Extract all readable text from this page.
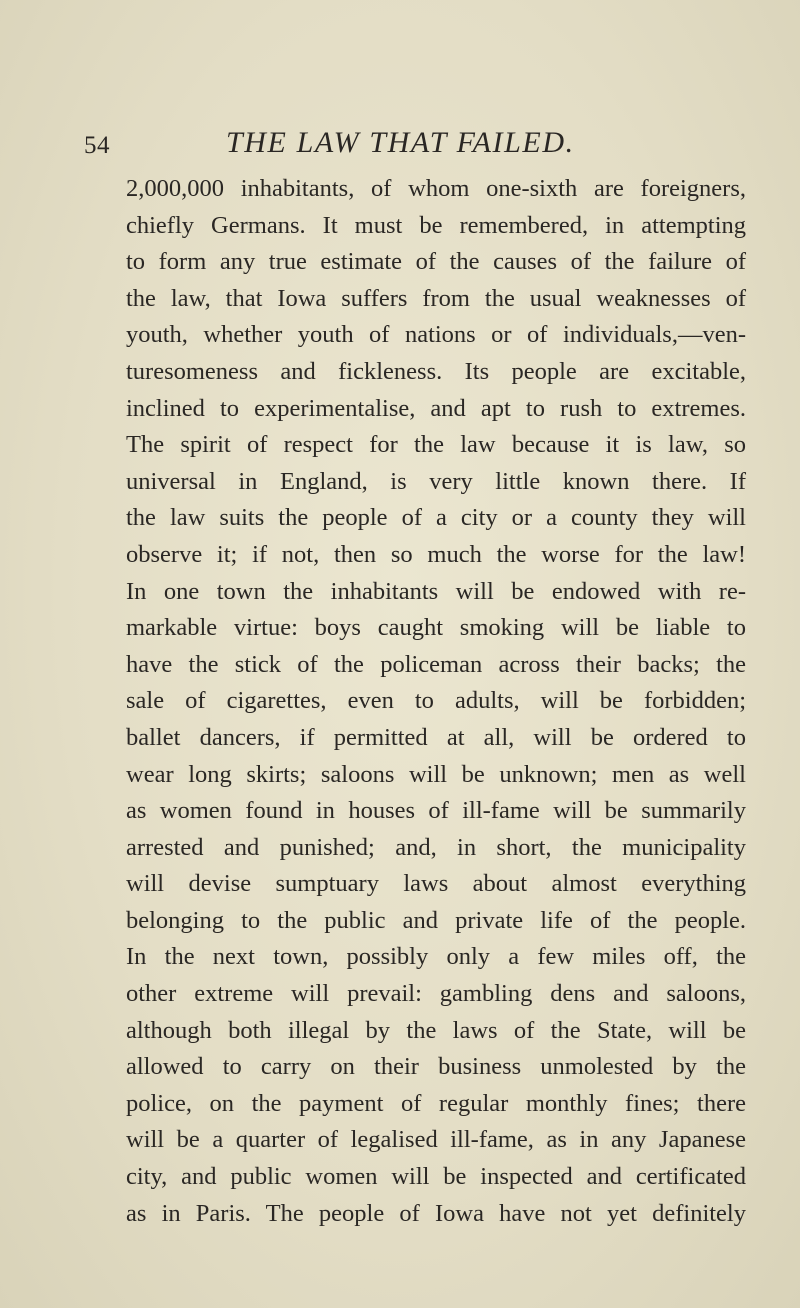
54	THE LAW THAT FAILED.
2,000,000 inhabitants, of whom one-sixth are foreigners,
chiefly Germans. It must be remembered, in attempting
to form any true estimate of the causes of the failure of
the law, that Iowa suffers from the usual weaknesses of
youth, whether youth of nations or of individuals,—ven-
turesomeness and fickleness. Its people are excitable,
inclined to experimentalise, and apt to rush to extremes.
The spirit of respect for the law because it is law, so
universal in England, is very little known there. If
the law suits the people of a city or a county they will
observe it; if not, then so much the worse for the law!
In one town the inhabitants will be endowed with re-
markable virtue: boys caught smoking will be liable to
have the stick of the policeman across their backs; the
sale of cigarettes, even to adults, will be forbidden;
ballet dancers, if permitted at all, will be ordered to
wear long skirts; saloons will be unknown; men as well
as women found in houses of ill-fame will be summarily
arrested and punished; and, in short, the municipality
will devise sumptuary laws about almost everything
belonging to the public and private life of the people.
In the next town, possibly only a few miles off, the
other extreme will prevail: gambling dens and saloons,
although both illegal by the laws of the State, will be
allowed to carry on their business unmolested by the
police, on the payment of regular monthly fines; there
will be a quarter of legalised ill-fame, as in any Japanese
city, and public women will be inspected and certificated
as in Paris. The people of Iowa have not yet definitely
